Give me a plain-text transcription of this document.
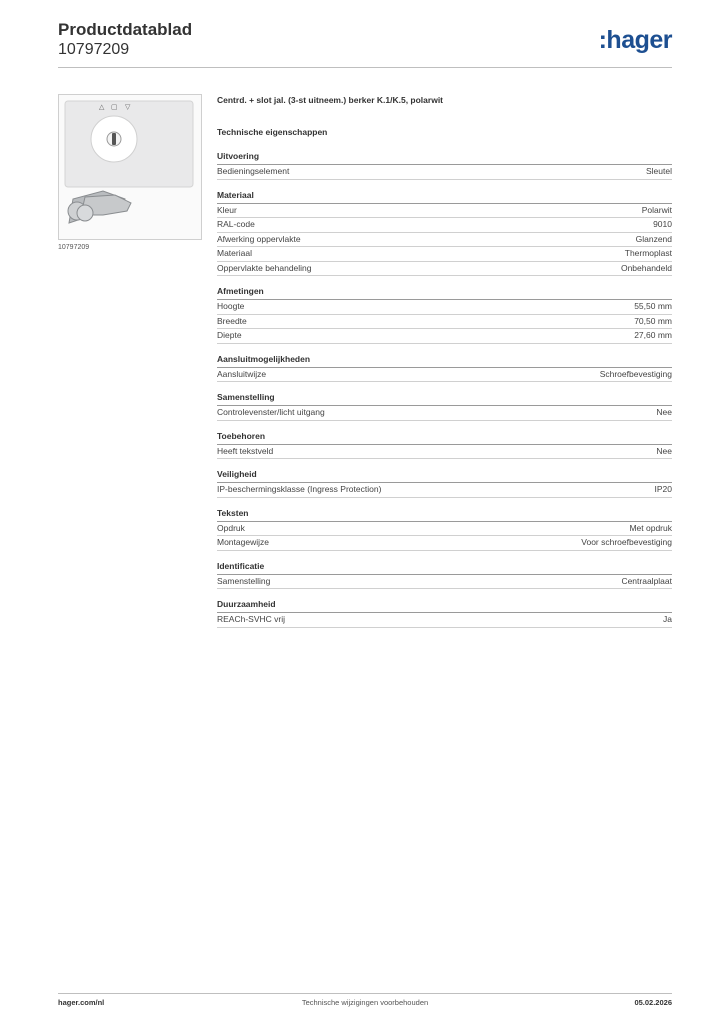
Productdatablad
10797209	:hager
△ ▢ ▽
10797209
Centrd. + slot jal. (3-st uitneem.) berker K.1/K.5, polarwit
Technische eigenschappen
Uitvoering
Bedieningselement	Sleutel
Materiaal
Kleur	Polarwit
RAL-code	9010
Afwerking oppervlakte	Glanzend
Materiaal	Thermoplast
Oppervlakte behandeling	Onbehandeld
Afmetingen
Hoogte	55,50 mm
Breedte	70,50 mm
Diepte	27,60 mm
Aansluitmogelijkheden
Aansluitwijze	Schroefbevestiging
Samenstelling
Controlevenster/licht uitgang	Nee
Toebehoren
Heeft tekstveld	Nee
Veiligheid
IP-beschermingsklasse (Ingress Protection)	IP20
Teksten
Opdruk	Met opdruk
Montagewijze	Voor schroefbevestiging
Identificatie
Samenstelling	Centraalplaat
Duurzaamheid
REACh-SVHC vrij	Ja
hager.com/nl	Technische wijzigingen voorbehouden	05.02.2026
